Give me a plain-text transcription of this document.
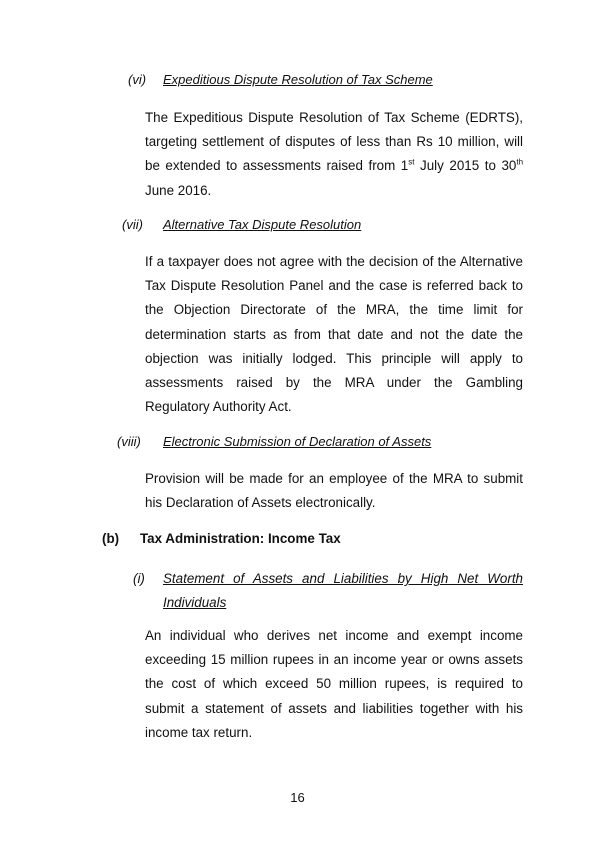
(vi) Expeditious Dispute Resolution of Tax Scheme
The Expeditious Dispute Resolution of Tax Scheme (EDRTS), targeting settlement of disputes of less than Rs 10 million, will be extended to assessments raised from 1st July 2015 to 30th June 2016.
(vii) Alternative Tax Dispute Resolution
If a taxpayer does not agree with the decision of the Alternative Tax Dispute Resolution Panel and the case is referred back to the Objection Directorate of the MRA, the time limit for determination starts as from that date and not the date the objection was initially lodged. This principle will apply to assessments raised by the MRA under the Gambling Regulatory Authority Act.
(viii) Electronic Submission of Declaration of Assets
Provision will be made for an employee of the MRA to submit his Declaration of Assets electronically.
(b) Tax Administration: Income Tax
(i) Statement of Assets and Liabilities by High Net Worth Individuals
An individual who derives net income and exempt income exceeding 15 million rupees in an income year or owns assets the cost of which exceed 50 million rupees, is required to submit a statement of assets and liabilities together with his income tax return.
16
